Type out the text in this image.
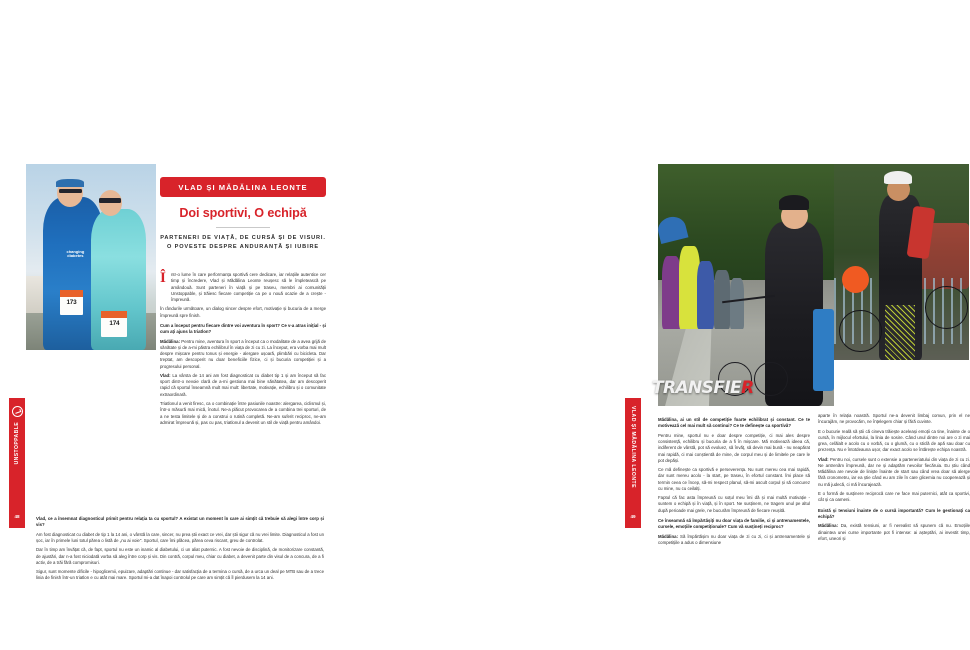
changing diabetes
173
174
VLAD ȘI MĂDĂLINA LEONTE
Doi sportivi, O echipă
PARTENERI DE VIAȚĂ, DE CURSĂ ȘI DE VISURI. O POVESTE DESPRE ANDURANȚĂ ȘI IUBIRE
Î ntr-o lume în care performanța sportivă cere dedicare, iar relațiile autentice cer timp și încredere, Vlad și Mădălina Leonte reușesc să le împletească pe amândouă. Sunt parteneri în viață și pe traseu, membri ai comunității Unstoppable, și trăiesc fiecare competiție ca pe o nouă ocazie de a crește - împreună.

În rândurile următoare, un dialog sincer despre efort, motivație și bucuria de a merge împreună spre finish.

Cum a început pentru fiecare dintre voi aventura în sport? Ce v-a atras inițial - și cum ați ajuns la triatlon?

Mădălina: Pentru mine, aventura în sport a început ca o modalitate de a avea grijă de sănătate și de a-mi păstra echilibrul în viața de zi cu zi. La început, era vorba mai mult despre mișcare pentru tonus și energie - alergare ușoară, plimbări cu bicicleta. Dar treptat, am descoperit nu doar beneficiile fizice, ci și bucuria competiției și a progresului personal.

Vlad: La vârsta de 14 ani am fost diagnosticat cu diabet tip 1 și am început să fac sport dintr-o nevoie clară de a-mi gestiona mai bine sănătatea, dar am descoperit rapid că sportul înseamnă mult mai mult: libertate, motivație, echilibru și o comunitate extraordinară.

Triatlonul a venit firesc, ca o combinație între pasiunile noastre: alergarea, ciclismul și, într-o măsură mai mică, înotul. Ne-a plăcut provocarea de a combina trei sporturi, de a ne testa limitele și de a construi o rutină completă. Ne-am suferit reciproc, ne-am admirat împreună și, pas cu pas, triatlonul a devenit un stil de viață pentru amândoi.

Vlad, ce a însemnat diagnosticul primit pentru relația ta cu sportul? A existat un moment în care ai simțit că trebuie să alegi între corp și vis?

Am fost diagnosticat cu diabet de tip 1 la 14 ani, o vârstă la care, sincer, nu prea știi exact ce vrei, dar știi sigur că nu vrei limite. Diagnosticul a fost un șoc, iar în primele luni totul părea o listă de „nu ai voie". Sportul, care îmi plăcea, părea ceva riscant, greu de controlat.

Dar în timp am învățat că, de fapt, sportul nu este un inamic al diabetului, ci un aliat puternic. A fost nevoie de disciplină, de monitorizare constantă, de ajustări, dar n-a fost niciodată vorba să aleg între corp și vis. Din contră, corpul meu, chiar cu diabet, a devenit parte din visul de a concura, de a fi activ, de a trăi fără compromisuri.

Sigur, sunt momente dificile - hipoglicemii, epuizare, adaptări continue - dar satisfacția de a termina o cursă, de a urca un deal pe MTB sau de a trece linia de finish într-un triatlon e cu atât mai mare. Sportul mi-a dat înapoi controlul pe care am simțit că îl pierdusem la 14 ani.

TRANSFIER

Mădălina, ai un stil de competiție foarte echilibrat și constant. Ce te motivează cel mai mult să continui? Ce te definește ca sportivă?

Pentru mine, sportul nu e doar despre competiție, ci mai ales despre consistență, echilibru și bucuria de a fi în mișcare. Mă motivează ideea că, indiferent de vârstă, pot să evoluez, să învăț, să devin mai bună - nu neapărat mai rapidă, ci mai conștientă de mine, de corpul meu și de limitele pe care le pot depăși.

Ce mă definește ca sportivă e perseverența. Nu sunt mereu cea mai rapidă, dar sunt mereu acolo - la start, pe traseu, în efortul constant. Îmi place să termin ceea ce încep, să-mi respect planul, să-mi ascult corpul și să concurez cu mine, nu cu ceilalți.

Faptul că fac asta împreună cu soțul meu îmi dă și mai multă motivație - suntem o echipă și în viață, și în sport. Ne susținem, ne tragem unul pe altul după perioade mai grele, ne bucurăm împreună de fiecare reușită.

Ce înseamnă să împărtășiți nu doar viața de familie, ci și antrenamentele, cursele, emoțiile competiționale? Cum vă susțineți reciproc?

Mădălina: Să împărtășim nu doar viața de zi cu zi, ci și antrenamentele și competițiile a adus o dimensiune

aparte în relația noastră. Sportul ne-a devenit limbaj comun, prin el ne încurajăm, ne provocăm, ne înțelegem chiar și fără cuvinte.

E o bucurie reală să știi că cineva trăiește aceleași emoții ca tine, înainte de o cursă, în mijlocul efortului, la linia de sosire. Când unul dintre noi are o zi mai grea, celălalt e acolo cu o vorbă, cu o glumă, cu o sticlă de apă sau doar cu prezența. Nu e întotdeauna ușor, dar exact acolo se întărește echipa noastră.

Vlad: Pentru noi, cursele sunt o extensie a parteneriatului din viața de zi cu zi. Ne antrenăm împreună, dar ne și adaptăm nevoilor fiecăruia. Eu știu când Mădălina are nevoie de liniște înainte de start sau când vrea doar să alerge fără cronometru, iar ea știe când eu am zile în care glicemia nu cooperează și nu mă judecă, ci mă încurajează.

E o formă de susținere reciprocă care ne face mai puternici, atât ca sportivi, cât și ca oameni.

Există și tensiuni înainte de o cursă importantă? Cum le gestionați ca echipă?

Mădălina: Da, există tensiuni, ar fi nerealist să spunem că nu. Emoțiile dinaintea unei curse importante pot fi intense: ai așteptări, ai investit timp, efort, uneori și

UNSTOPPABLE
48
VLAD ȘI MĂDĂLINA LEONTE
49
